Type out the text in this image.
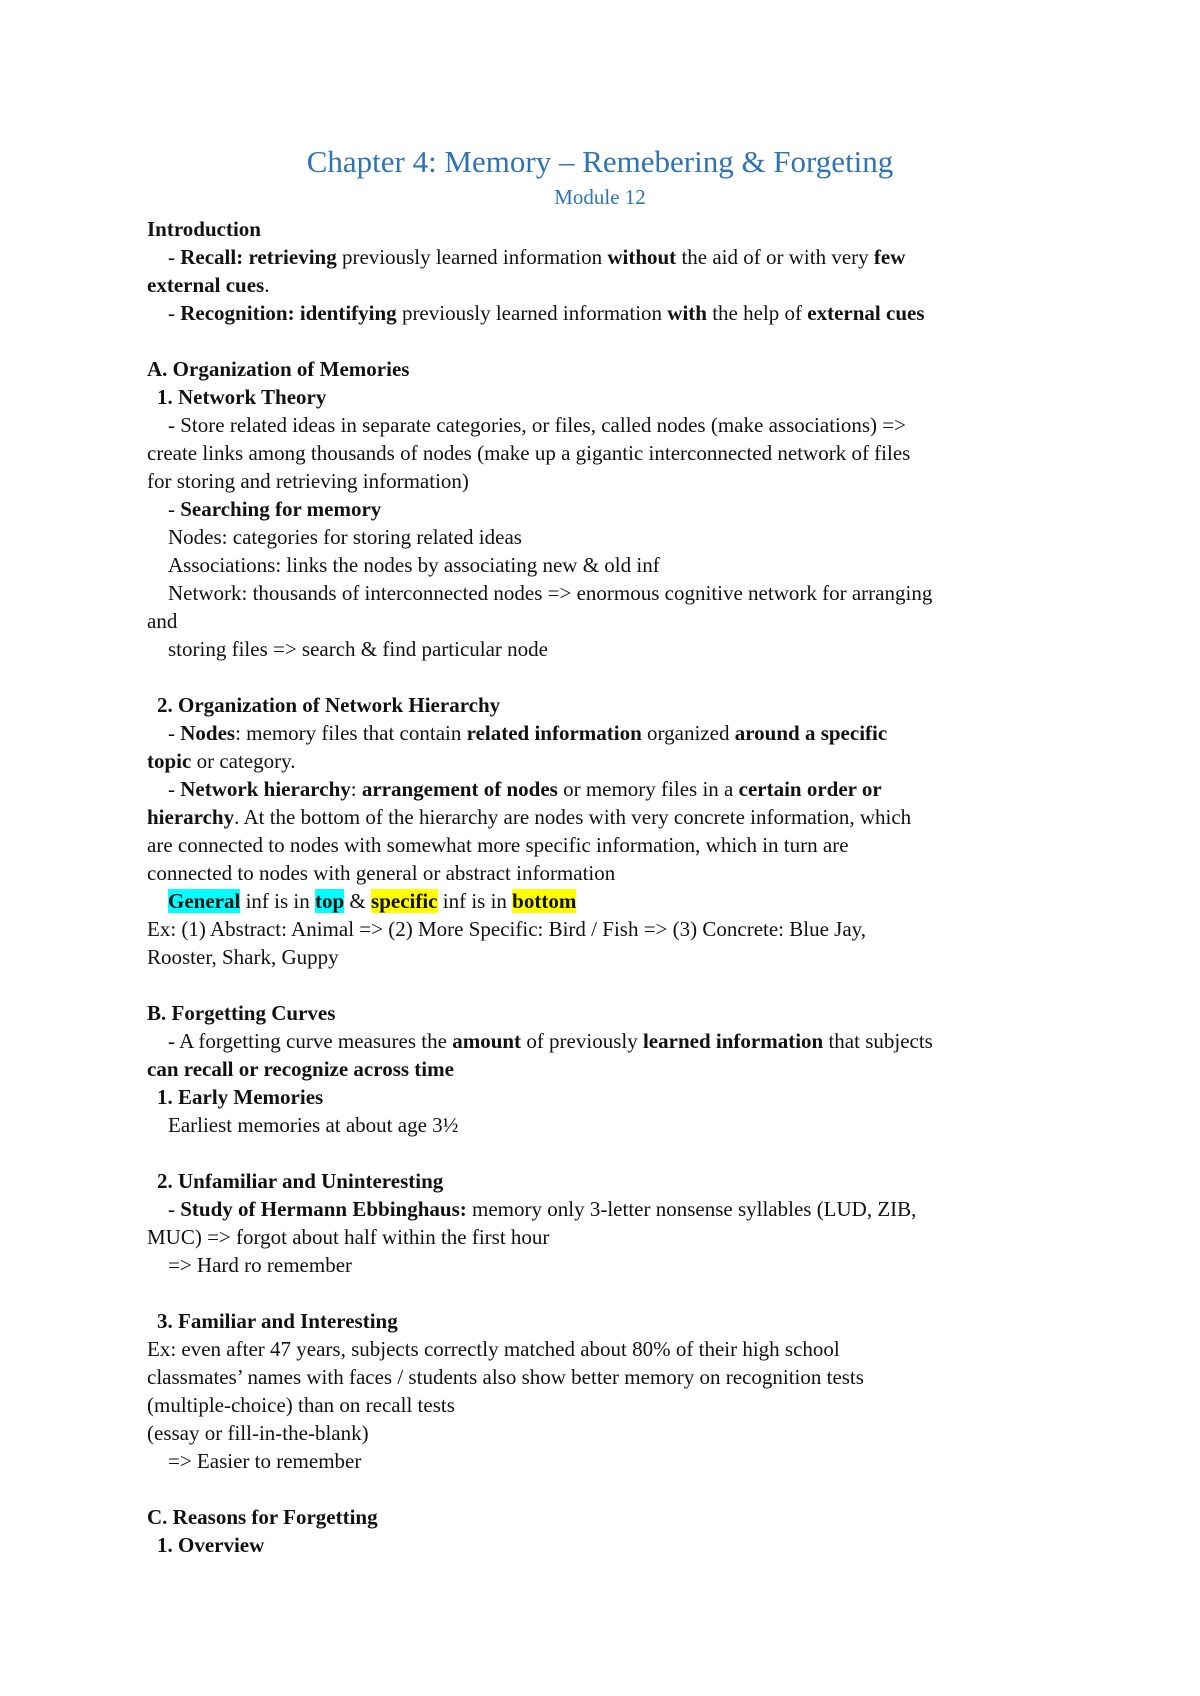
Chapter 4: Memory – Remebering & Forgeting
Module 12
Introduction
- Recall: retrieving previously learned information without the aid of or with very few
external cues.
- Recognition: identifying previously learned information with the help of external cues
A. Organization of Memories
1. Network Theory
- Store related ideas in separate categories, or files, called nodes (make associations) =>
create links among thousands of nodes (make up a gigantic interconnected network of files
for storing and retrieving information)
- Searching for memory
Nodes: categories for storing related ideas
Associations: links the nodes by associating new & old inf
Network: thousands of interconnected nodes => enormous cognitive network for arranging
and
storing files => search & find particular node
2. Organization of Network Hierarchy
- Nodes: memory files that contain related information organized around a specific
topic or category.
- Network hierarchy: arrangement of nodes or memory files in a certain order or
hierarchy. At the bottom of the hierarchy are nodes with very concrete information, which
are connected to nodes with somewhat more specific information, which in turn are
connected to nodes with general or abstract information
General inf is in top & specific inf is in bottom
Ex: (1) Abstract: Animal => (2) More Specific: Bird / Fish => (3) Concrete: Blue Jay,
Rooster, Shark, Guppy
B. Forgetting Curves
- A forgetting curve measures the amount of previously learned information that subjects
can recall or recognize across time
1. Early Memories
Earliest memories at about age 3½
2. Unfamiliar and Uninteresting
- Study of Hermann Ebbinghaus: memory only 3-letter nonsense syllables (LUD, ZIB,
MUC) => forgot about half within the first hour
=> Hard ro remember
3. Familiar and Interesting
Ex: even after 47 years, subjects correctly matched about 80% of their high school
classmates’ names with faces / students also show better memory on recognition tests
(multiple-choice) than on recall tests
(essay or fill-in-the-blank)
=> Easier to remember
C. Reasons for Forgetting
1. Overview
